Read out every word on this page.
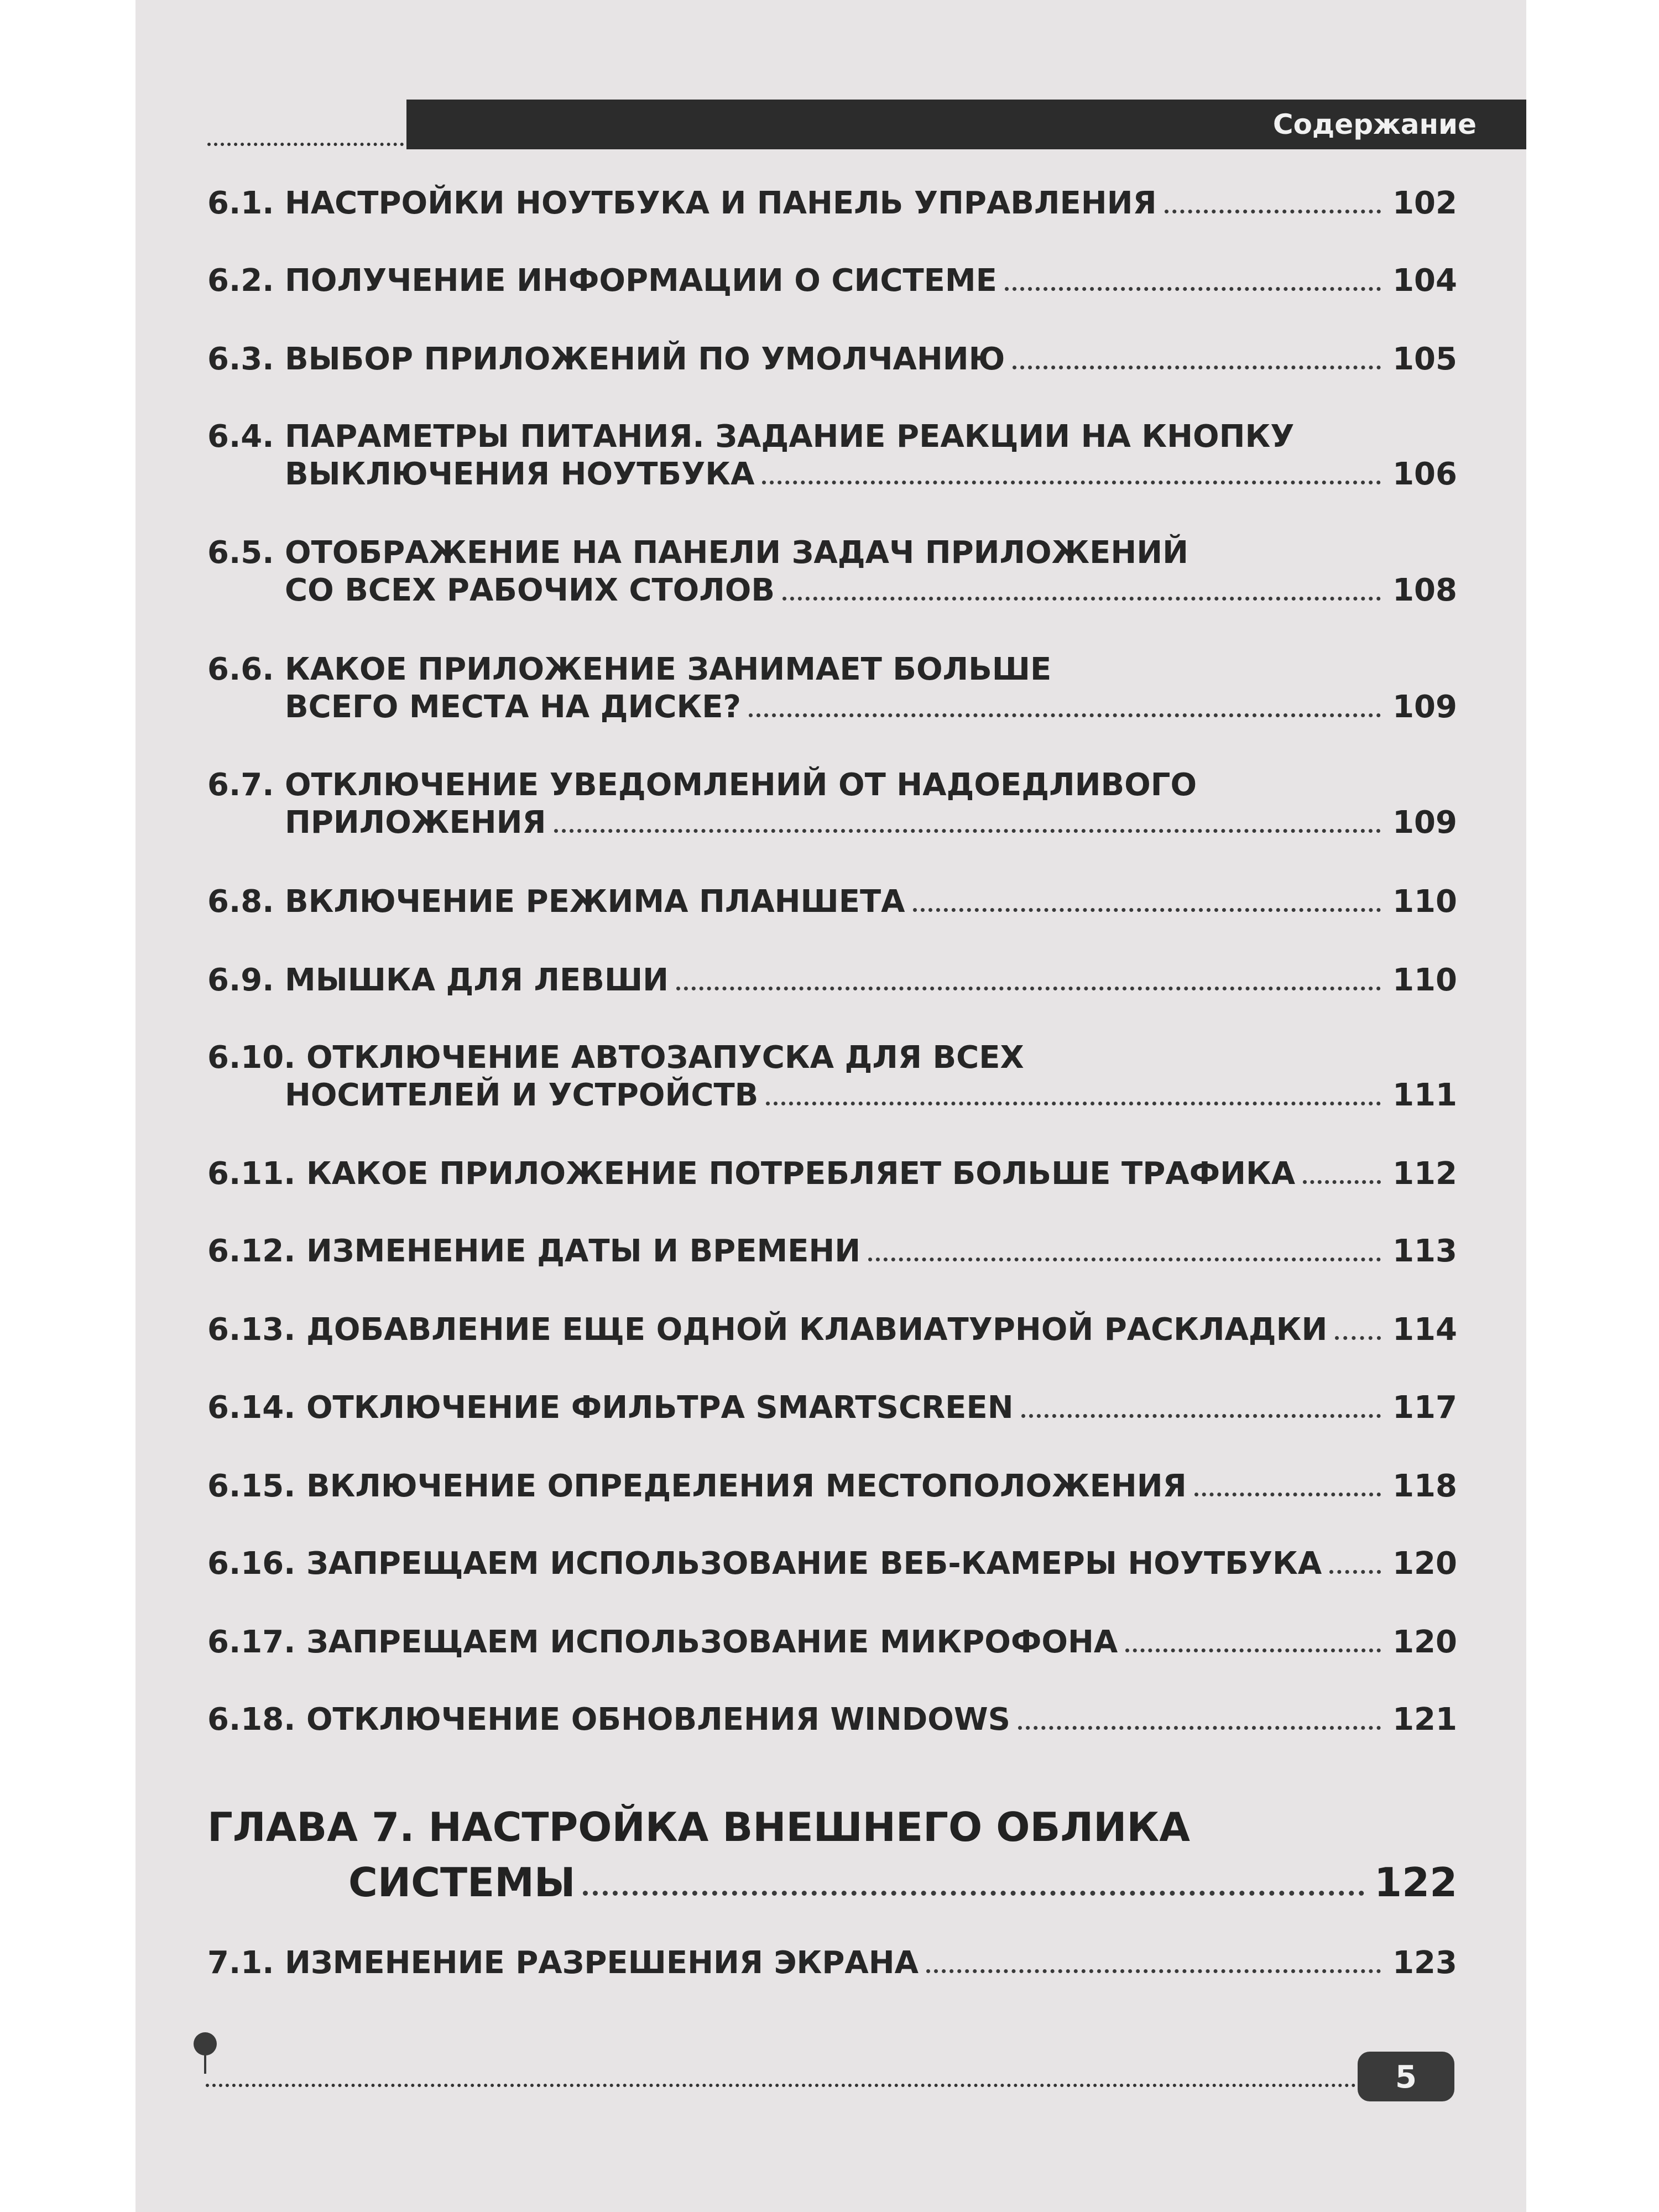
Содержание
6.1. НАСТРОЙКИ НОУТБУКА И ПАНЕЛЬ УПРАВЛЕНИЯ	102
6.2. ПОЛУЧЕНИЕ ИНФОРМАЦИИ О СИСТЕМЕ	104
6.3. ВЫБОР ПРИЛОЖЕНИЙ ПО УМОЛЧАНИЮ	105
6.4. ПАРАМЕТРЫ ПИТАНИЯ. ЗАДАНИЕ РЕАКЦИИ НА КНОПКУ
ВЫКЛЮЧЕНИЯ НОУТБУКА	106
6.5. ОТОБРАЖЕНИЕ НА ПАНЕЛИ ЗАДАЧ ПРИЛОЖЕНИЙ
СО ВСЕХ РАБОЧИХ СТОЛОВ	108
6.6. КАКОЕ ПРИЛОЖЕНИЕ ЗАНИМАЕТ БОЛЬШЕ
ВСЕГО МЕСТА НА ДИСКЕ?	109
6.7. ОТКЛЮЧЕНИЕ УВЕДОМЛЕНИЙ ОТ НАДОЕДЛИВОГО
ПРИЛОЖЕНИЯ	109
6.8. ВКЛЮЧЕНИЕ РЕЖИМА ПЛАНШЕТА	110
6.9. МЫШКА ДЛЯ ЛЕВШИ	110
6.10. ОТКЛЮЧЕНИЕ АВТОЗАПУСКА ДЛЯ ВСЕХ
НОСИТЕЛЕЙ И УСТРОЙСТВ	111
6.11. КАКОЕ ПРИЛОЖЕНИЕ ПОТРЕБЛЯЕТ БОЛЬШЕ ТРАФИКА	112
6.12. ИЗМЕНЕНИЕ ДАТЫ И ВРЕМЕНИ	113
6.13. ДОБАВЛЕНИЕ ЕЩЕ ОДНОЙ КЛАВИАТУРНОЙ РАСКЛАДКИ 114
6.14. ОТКЛЮЧЕНИЕ ФИЛЬТРА SMARTSCREEN	117
6.15. ВКЛЮЧЕНИЕ ОПРЕДЕЛЕНИЯ МЕСТОПОЛОЖЕНИЯ	118
6.16. ЗАПРЕЩАЕМ ИСПОЛЬЗОВАНИЕ ВЕБ-КАМЕРЫ НОУТБУКА 120
6.17. ЗАПРЕЩАЕМ ИСПОЛЬЗОВАНИЕ МИКРОФОНА	120
6.18. ОТКЛЮЧЕНИЕ ОБНОВЛЕНИЯ WINDOWS	121
ГЛАВА 7. НАСТРОЙКА ВНЕШНЕГО ОБЛИКА
СИСТЕМЫ	122
7.1. ИЗМЕНЕНИЕ РАЗРЕШЕНИЯ ЭКРАНА	123
5
